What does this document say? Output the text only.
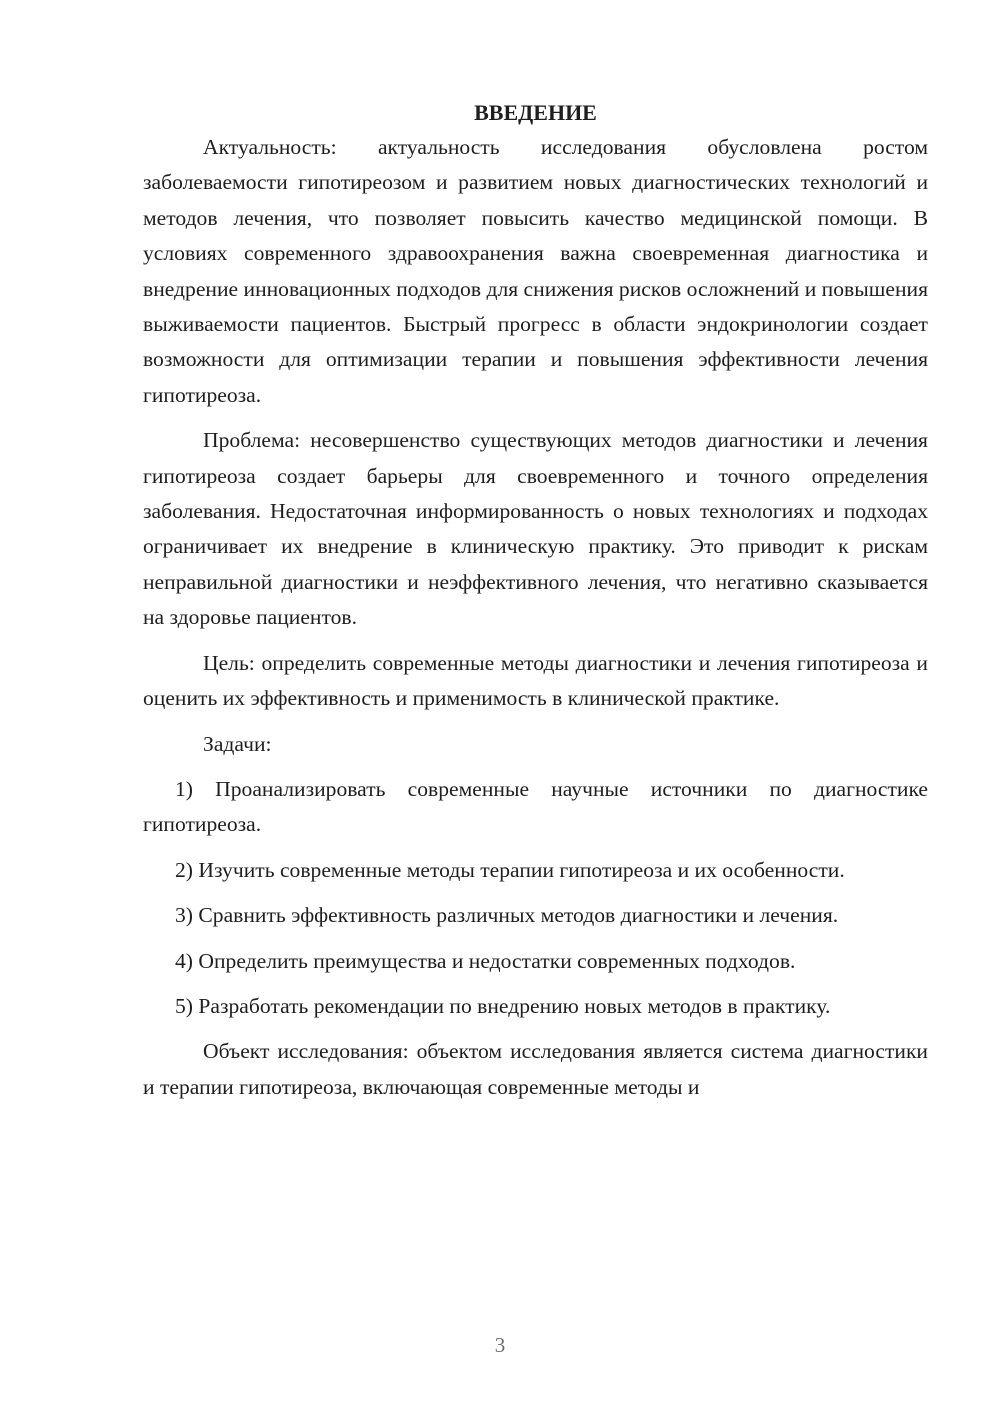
ВВЕДЕНИЕ

Актуальность: актуальность исследования обусловлена ростом заболеваемости гипотиреозом и развитием новых диагностических технологий и методов лечения, что позволяет повысить качество медицинской помощи. В условиях современного здравоохранения важна своевременная диагностика и внедрение инновационных подходов для снижения рисков осложнений и повышения выживаемости пациентов. Быстрый прогресс в области эндокринологии создает возможности для оптимизации терапии и повышения эффективности лечения гипотиреоза.

Проблема: несовершенство существующих методов диагностики и лечения гипотиреоза создает барьеры для своевременного и точного определения заболевания. Недостаточная информированность о новых технологиях и подходах ограничивает их внедрение в клиническую практику. Это приводит к рискам неправильной диагностики и неэффективного лечения, что негативно сказывается на здоровье пациентов.

Цель: определить современные методы диагностики и лечения гипотиреоза и оценить их эффективность и применимость в клинической практике.

Задачи:

1) Проанализировать современные научные источники по диагностике гипотиреоза.

2) Изучить современные методы терапии гипотиреоза и их особенности.

3) Сравнить эффективность различных методов диагностики и лечения.

4) Определить преимущества и недостатки современных подходов.

5) Разработать рекомендации по внедрению новых методов в практику.

Объект исследования: объектом исследования является система диагностики и терапии гипотиреоза, включающая современные методы и

3
